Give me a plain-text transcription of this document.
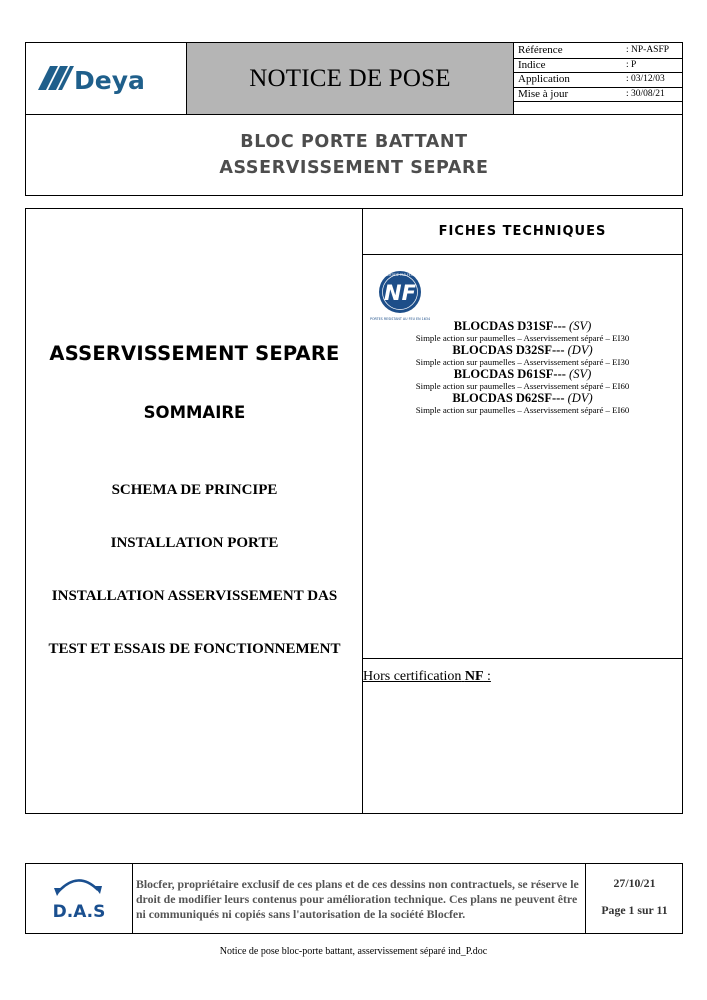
Deya	NOTICE DE POSE
Référence	: NP-ASFP
Indice	: P
Application	: 03/12/03
Mise à jour	: 30/08/21
BLOC PORTE BATTANT
ASSERVISSEMENT SEPARE
ASSERVISSEMENT SEPARE
SOMMAIRE
SCHEMA DE PRINCIPE
INSTALLATION PORTE
INSTALLATION ASSERVISSEMENT DAS
TEST ET ESSAIS DE FONCTIONNEMENT
FICHES TECHNIQUES
NF
CERTIFIÉ PAR FERS
PORTES RESISTANT AU FEU EN 1634	BLOCDAS D31SF--- (SV)
Simple action sur paumelles – Asservissement séparé – EI30
BLOCDAS D32SF--- (DV)
Simple action sur paumelles – Asservissement séparé – EI30
BLOCDAS D61SF--- (SV)
Simple action sur paumelles – Asservissement séparé – EI60
BLOCDAS D62SF--- (DV)
Simple action sur paumelles – Asservissement séparé – EI60
Hors certification NF :
D.A.S
Blocfer, propriétaire exclusif de ces plans et de ces dessins non contractuels, se réserve le droit de modifier leurs contenus pour amélioration technique. Ces plans ne peuvent être ni communiqués ni copiés sans l'autorisation de la société Blocfer.
27/10/21
Page 1 sur 11
Notice de pose bloc-porte battant, asservissement séparé ind_P.doc
